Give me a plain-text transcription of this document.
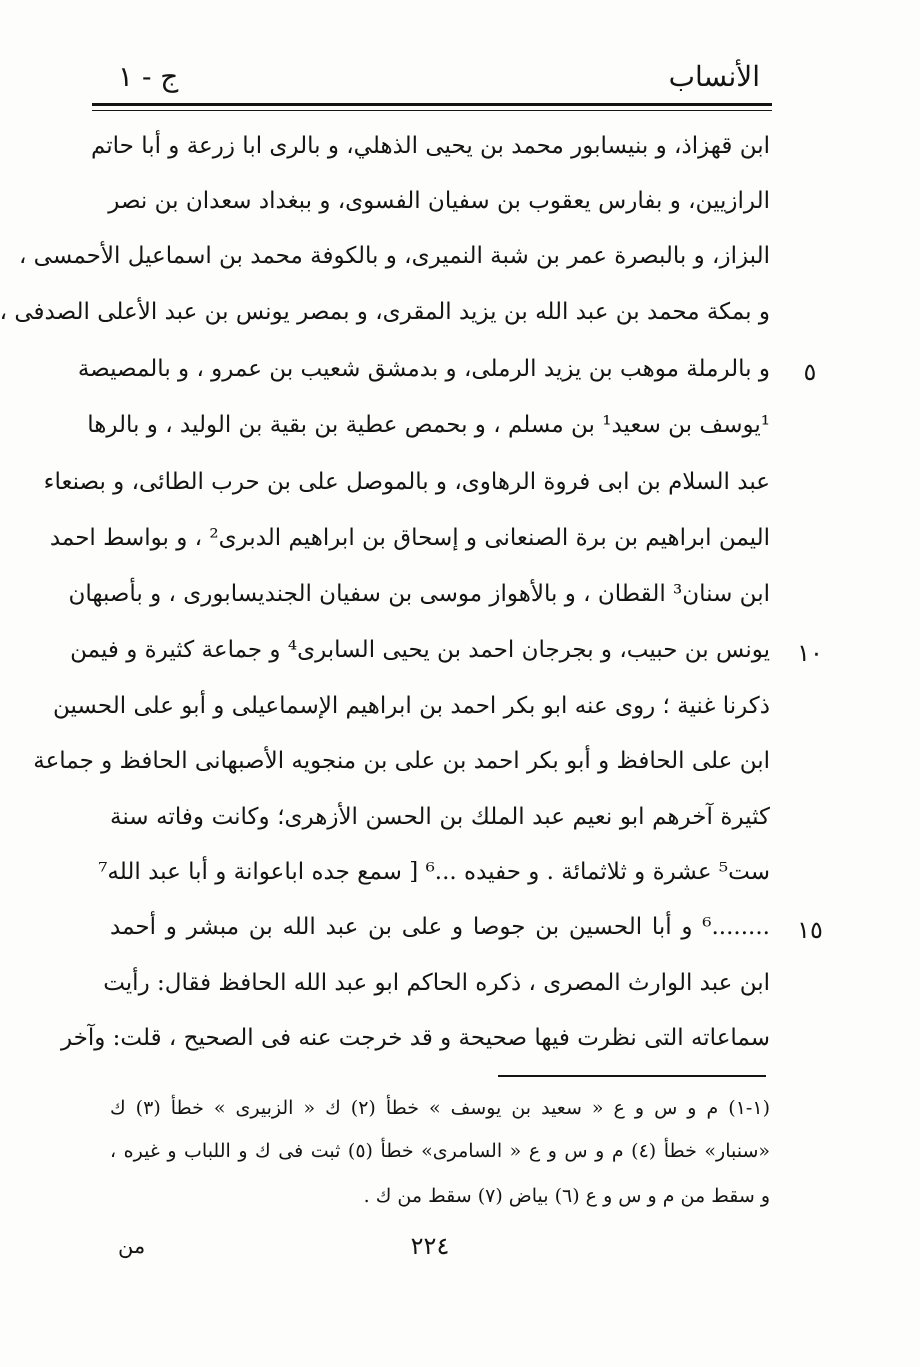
الأنساب
ج - ١
ابن قهزاذ، و بنيسابور محمد بن يحيى الذهلي، و بالرى ابا زرعة و أبا حاتم
الرازيين، و بفارس يعقوب بن سفيان الفسوى، و ببغداد سعدان بن نصر
البزاز، و بالبصرة عمر بن شبة النميرى، و بالكوفة محمد بن اسماعيل الأحمسى ،
و بمكة محمد بن عبد الله بن يزيد المقرى، و بمصر يونس بن عبد الأعلى الصدفى ،
و بالرملة موهب بن يزيد الرملى، و بدمشق شعيب بن عمرو ، و بالمصيصة
¹يوسف بن سعيد¹ بن مسلم ، و بحمص عطية بن بقية بن الوليد ، و بالرها
عبد السلام بن ابى فروة الرهاوى، و بالموصل على بن حرب الطائى، و بصنعاء
اليمن ابراهيم بن برة الصنعانى و إسحاق بن ابراهيم الدبرى² ، و بواسط احمد
ابن سنان³ القطان ، و بالأهواز موسى بن سفيان الجنديسابورى ، و بأصبهان
يونس بن حبيب، و بجرجان احمد بن يحيى السابرى⁴ و جماعة كثيرة و فيمن
ذكرنا غنية ؛ روى عنه ابو بكر احمد بن ابراهيم الإسماعيلى و أبو على الحسين
ابن على الحافظ و أبو بكر احمد بن على بن منجويه الأصبهانى الحافظ و جماعة
كثيرة آخرهم ابو نعيم عبد الملك بن الحسن الأزهرى؛ وكانت وفاته سنة
ست⁵ عشرة و ثلاثمائة . و حفيده ...⁶ [ سمع جده اباعوانة و أبا عبد الله⁷
........⁶ و أبا الحسين بن جوصا و على بن عبد الله بن مبشر و أحمد
ابن عبد الوارث المصرى ، ذكره الحاكم ابو عبد الله الحافظ فقال: رأيت
سماعاته التى نظرت فيها صحيحة و قد خرجت عنه فى الصحيح ، قلت: وآخر
٥
١٠
١٥
(١-١) م و س و ع « سعيد بن يوسف » خطأ (٢) ك « الزبيرى » خطأ (٣) ك
«سنبار» خطأ (٤) م و س و ع « السامرى» خطأ (٥) ثبت فى ك و اللباب و غيره ،
و سقط من م و س و ع (٦) بياض (٧) سقط من ك .
٢٢٤
من
